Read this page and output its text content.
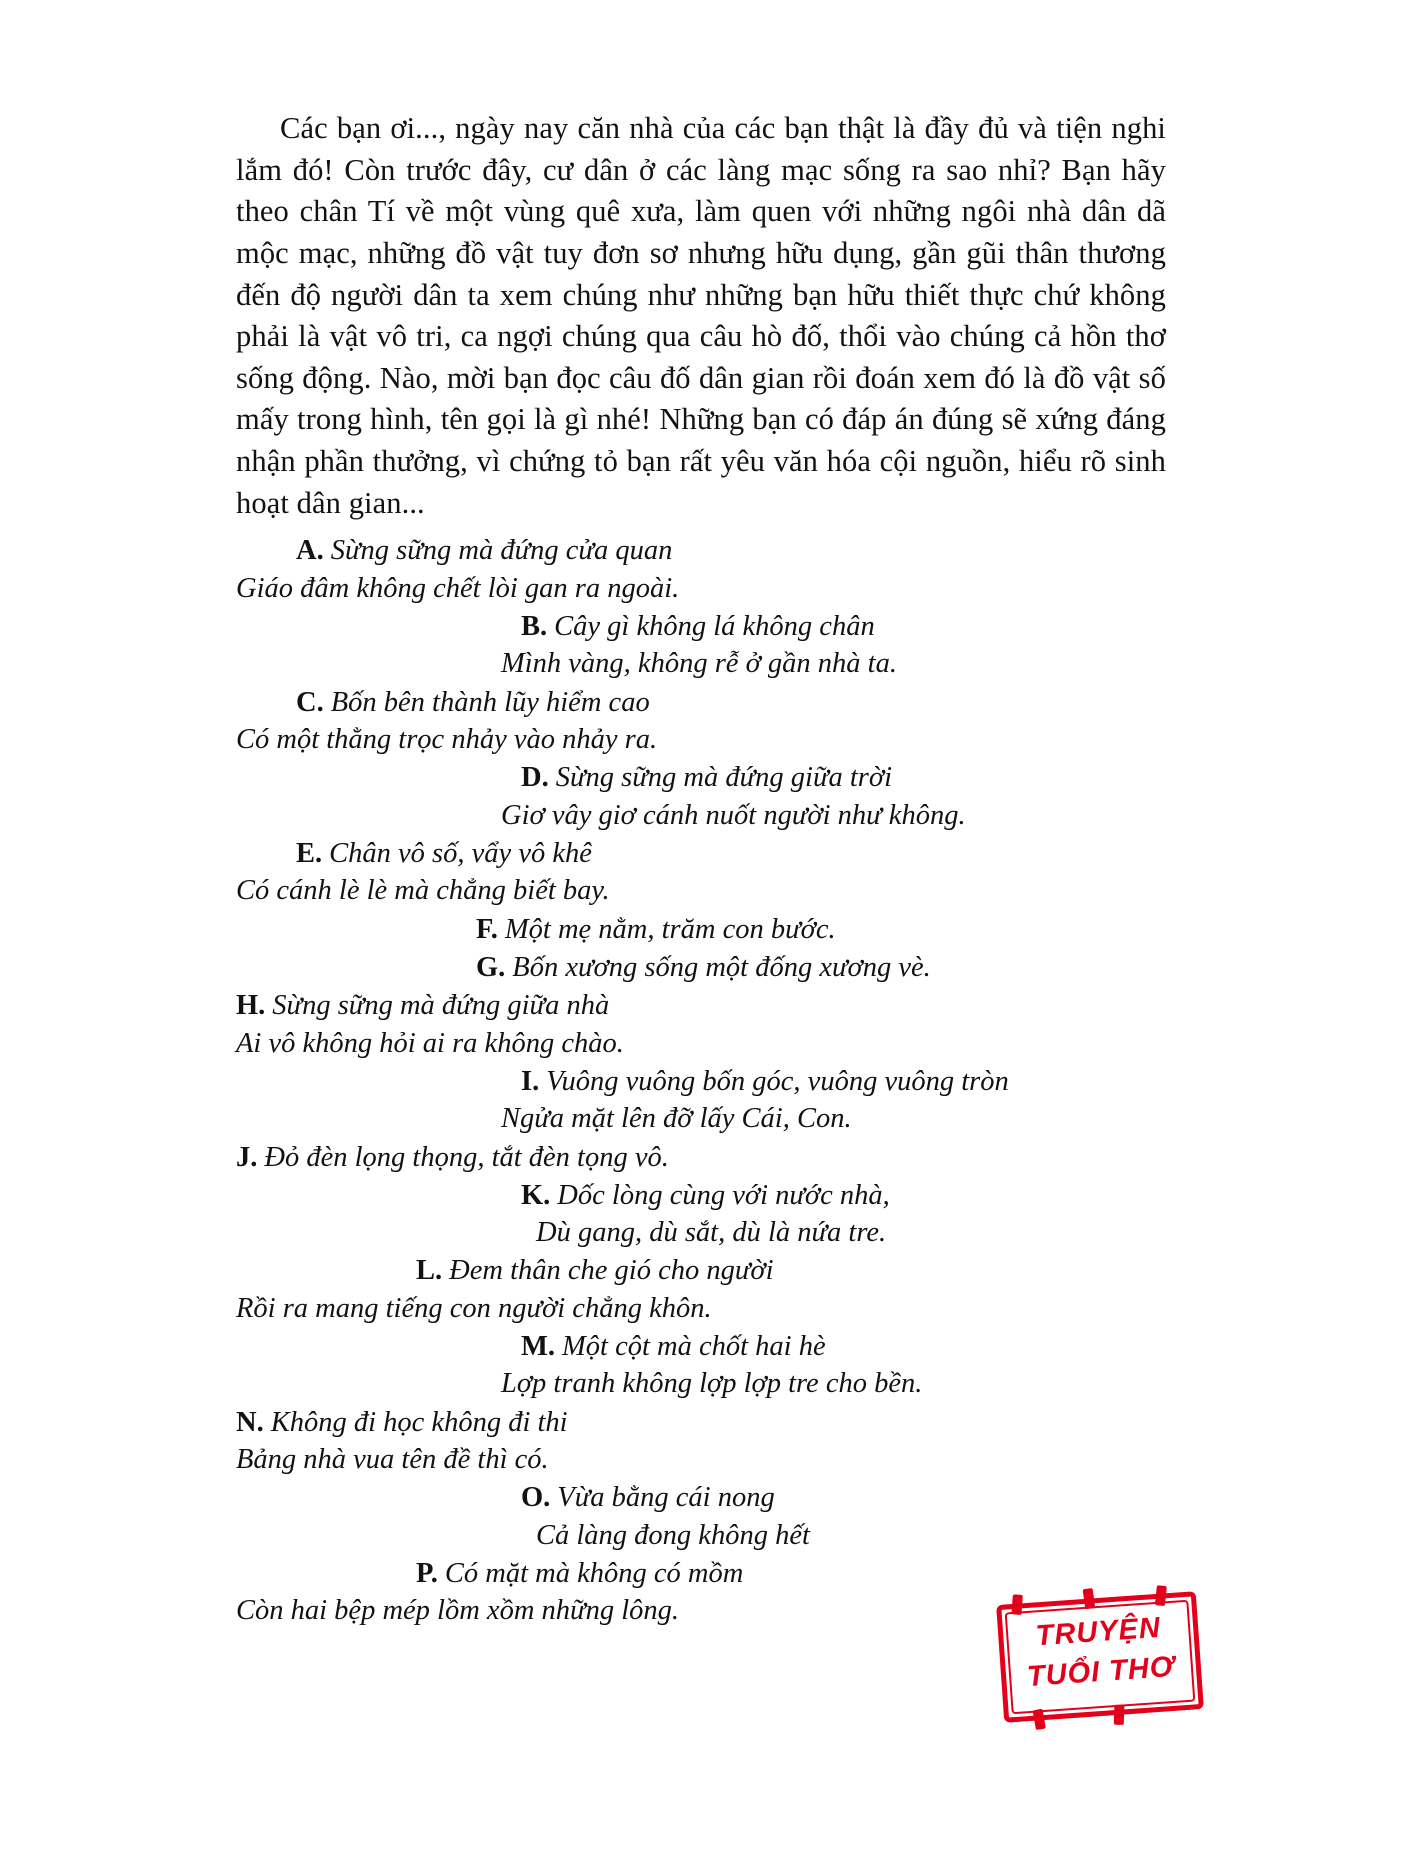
Các bạn ơi..., ngày nay căn nhà của các bạn thật là đầy đủ và tiện nghi lắm đó! Còn trước đây, cư dân ở các làng mạc sống ra sao nhỉ? Bạn hãy theo chân Tí về một vùng quê xưa, làm quen với những ngôi nhà dân dã mộc mạc, những đồ vật tuy đơn sơ nhưng hữu dụng, gần gũi thân thương đến độ người dân ta xem chúng như những bạn hữu thiết thực chứ không phải là vật vô tri, ca ngợi chúng qua câu hò đố, thổi vào chúng cả hồn thơ sống động. Nào, mời bạn đọc câu đố dân gian rồi đoán xem đó là đồ vật số mấy trong hình, tên gọi là gì nhé! Những bạn có đáp án đúng sẽ xứng đáng nhận phần thưởng, vì chứng tỏ bạn rất yêu văn hóa cội nguồn, hiểu rõ sinh hoạt dân gian...

A. Sừng sững mà đứng cửa quan
Giáo đâm không chết lòi gan ra ngoài.
B. Cây gì không lá không chân
Mình vàng, không rễ ở gần nhà ta.
C. Bốn bên thành lũy hiểm cao
Có một thằng trọc nhảy vào nhảy ra.
D. Sừng sững mà đứng giữa trời
Giơ vây giơ cánh nuốt người như không.
E. Chân vô số, vẩy vô khê
Có cánh lè lè mà chẳng biết bay.
F. Một mẹ nằm, trăm con bước.
G. Bốn xương sống một đống xương vè.
H. Sừng sững mà đứng giữa nhà
Ai vô không hỏi ai ra không chào.
I. Vuông vuông bốn góc, vuông vuông tròn
Ngửa mặt lên đỡ lấy Cái, Con.
J. Đỏ đèn lọng thọng, tắt đèn tọng vô.
K. Dốc lòng cùng với nước nhà,
Dù gang, dù sắt, dù là nứa tre.
L. Đem thân che gió cho người
Rồi ra mang tiếng con người chẳng khôn.
M. Một cột mà chốt hai hè
Lợp tranh không lợp lợp tre cho bền.
N. Không đi học không đi thi
Bảng nhà vua tên đề thì có.
O. Vừa bằng cái nong
Cả làng đong không hết
P. Có mặt mà không có mồm
Còn hai bệp mép lồm xồm những lông.
TRUYỆN
TUỔI THƠ
